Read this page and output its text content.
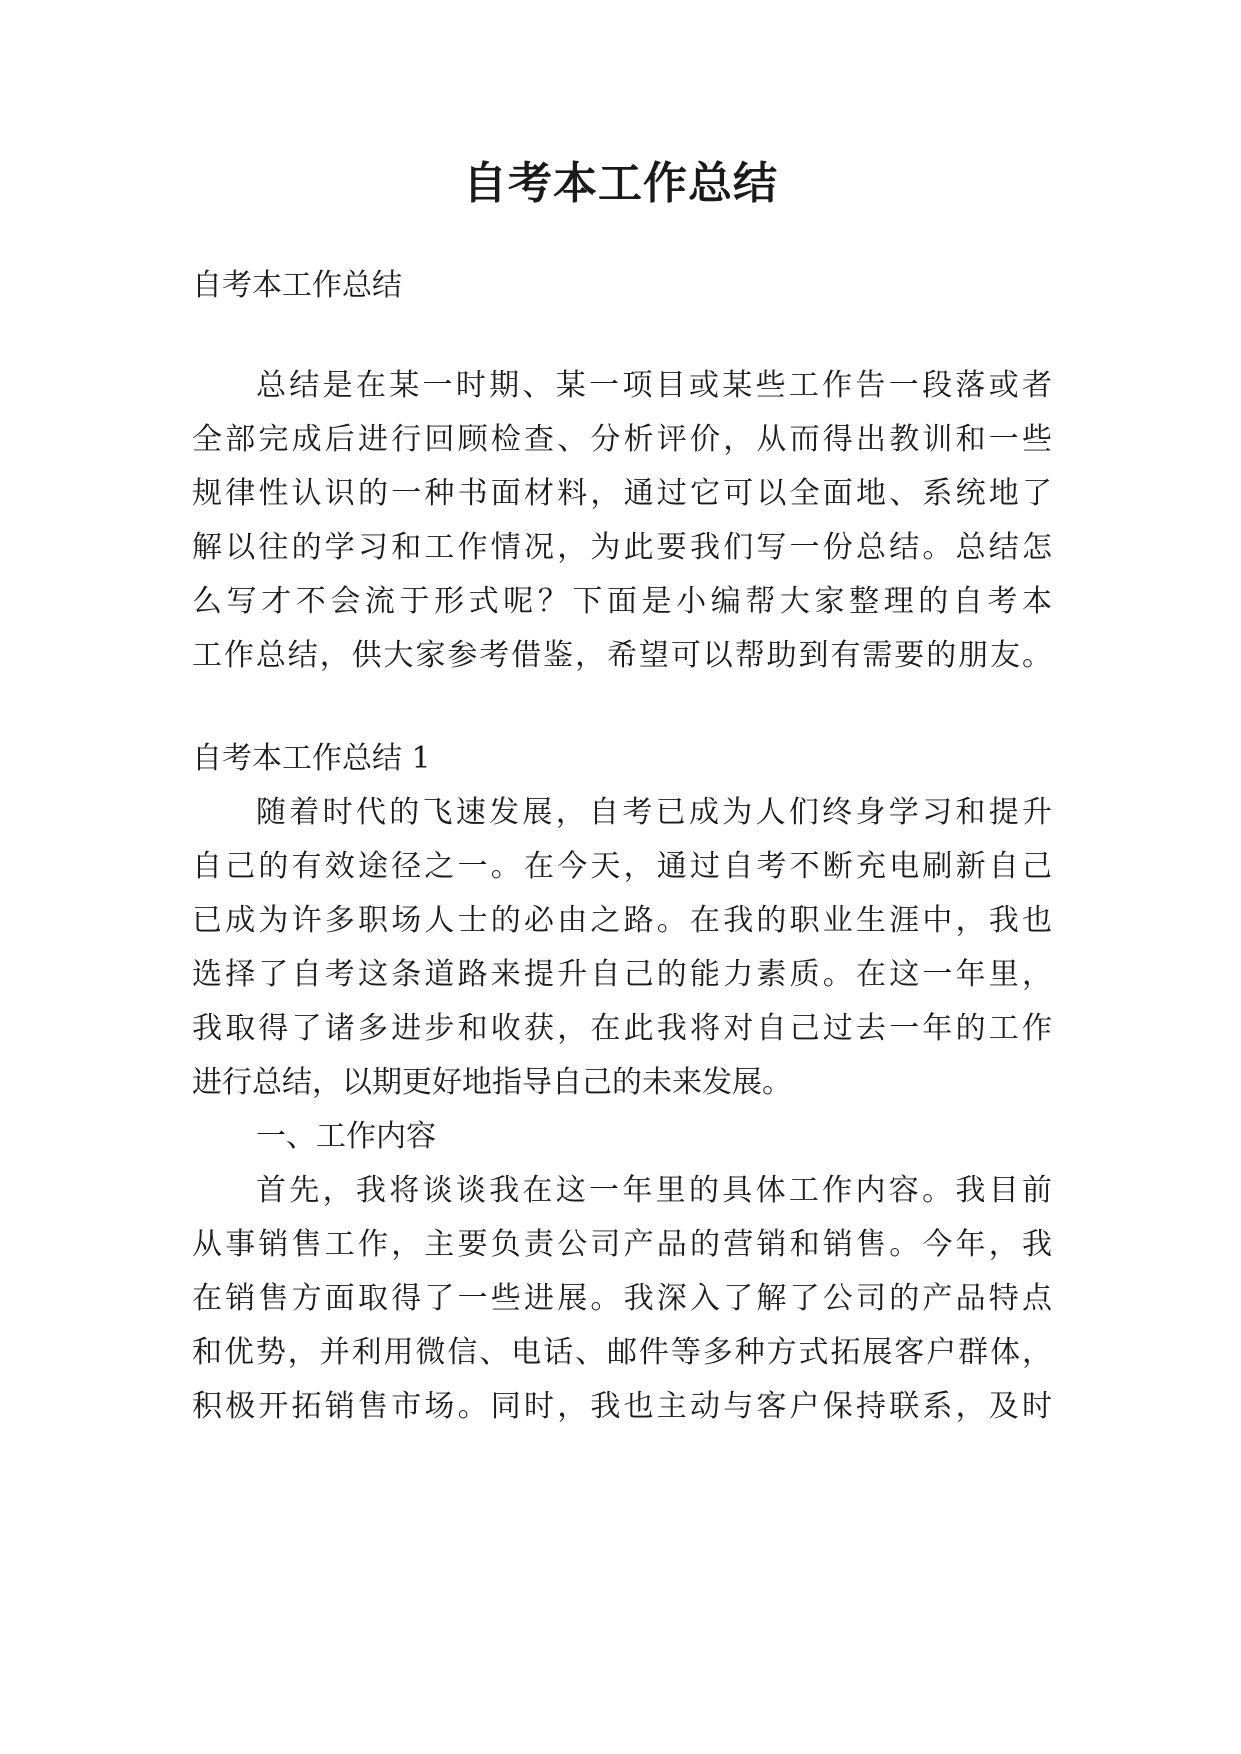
自考本工作总结
自考本工作总结
总结是在某一时期、某一项目或某些工作告一段落或者
全部完成后进行回顾检查、分析评价，从而得出教训和一些
规律性认识的一种书面材料，通过它可以全面地、系统地了
解以往的学习和工作情况，为此要我们写一份总结。总结怎
么写才不会流于形式呢？下面是小编帮大家整理的自考本
工作总结，供大家参考借鉴，希望可以帮助到有需要的朋友。
自考本工作总结 1
随着时代的飞速发展，自考已成为人们终身学习和提升
自己的有效途径之一。在今天，通过自考不断充电刷新自己
已成为许多职场人士的必由之路。在我的职业生涯中，我也
选择了自考这条道路来提升自己的能力素质。在这一年里，
我取得了诸多进步和收获，在此我将对自己过去一年的工作
进行总结，以期更好地指导自己的未来发展。
一、工作内容
首先，我将谈谈我在这一年里的具体工作内容。我目前
从事销售工作，主要负责公司产品的营销和销售。今年，我
在销售方面取得了一些进展。我深入了解了公司的产品特点
和优势，并利用微信、电话、邮件等多种方式拓展客户群体，
积极开拓销售市场。同时，我也主动与客户保持联系，及时
